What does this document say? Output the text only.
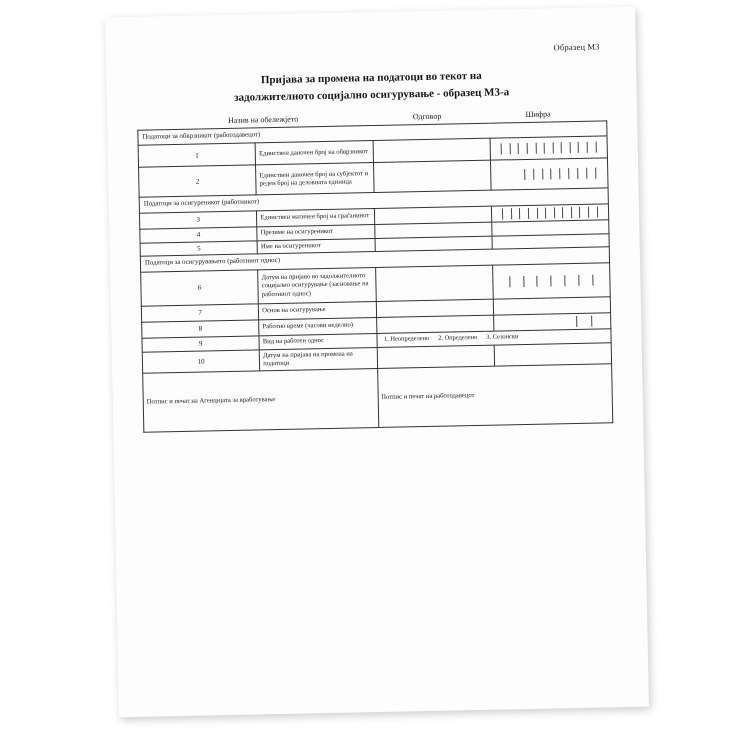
Образец М3
Пријава за промена на податоци во текот на
задолжителното социјално осигурување - образец М3-а
Назив на обележјето	Одговор	Шифра
Податоци за обврзникот (работодавецот)			
1	Единствен даночен број на обврзникот		

2	Единствен даночен број на субјектот и реден број на деловната единица		

Податоци за осигуреникот (работникот)			
3	Единствен матичен број на граѓанинот		

4	Презиме на осигуреникот		
5	Име на осигуреникот		
Податоци за осигурувањето (работниот однос)			
6	Датум на пријаво во задолжителното социјално осигурување (засновање на работниот однос)		

7	Основ на осигурување		
8	Работно време (часови неделно)		

9	Вид на работен однос	1. Неопределено 2. Определено 3. Сезонски	

10	Датум на пријава на промена на податоци		
Потпис и печат на Агенцијата за вработување		Потпис и печат на работодавецот	
